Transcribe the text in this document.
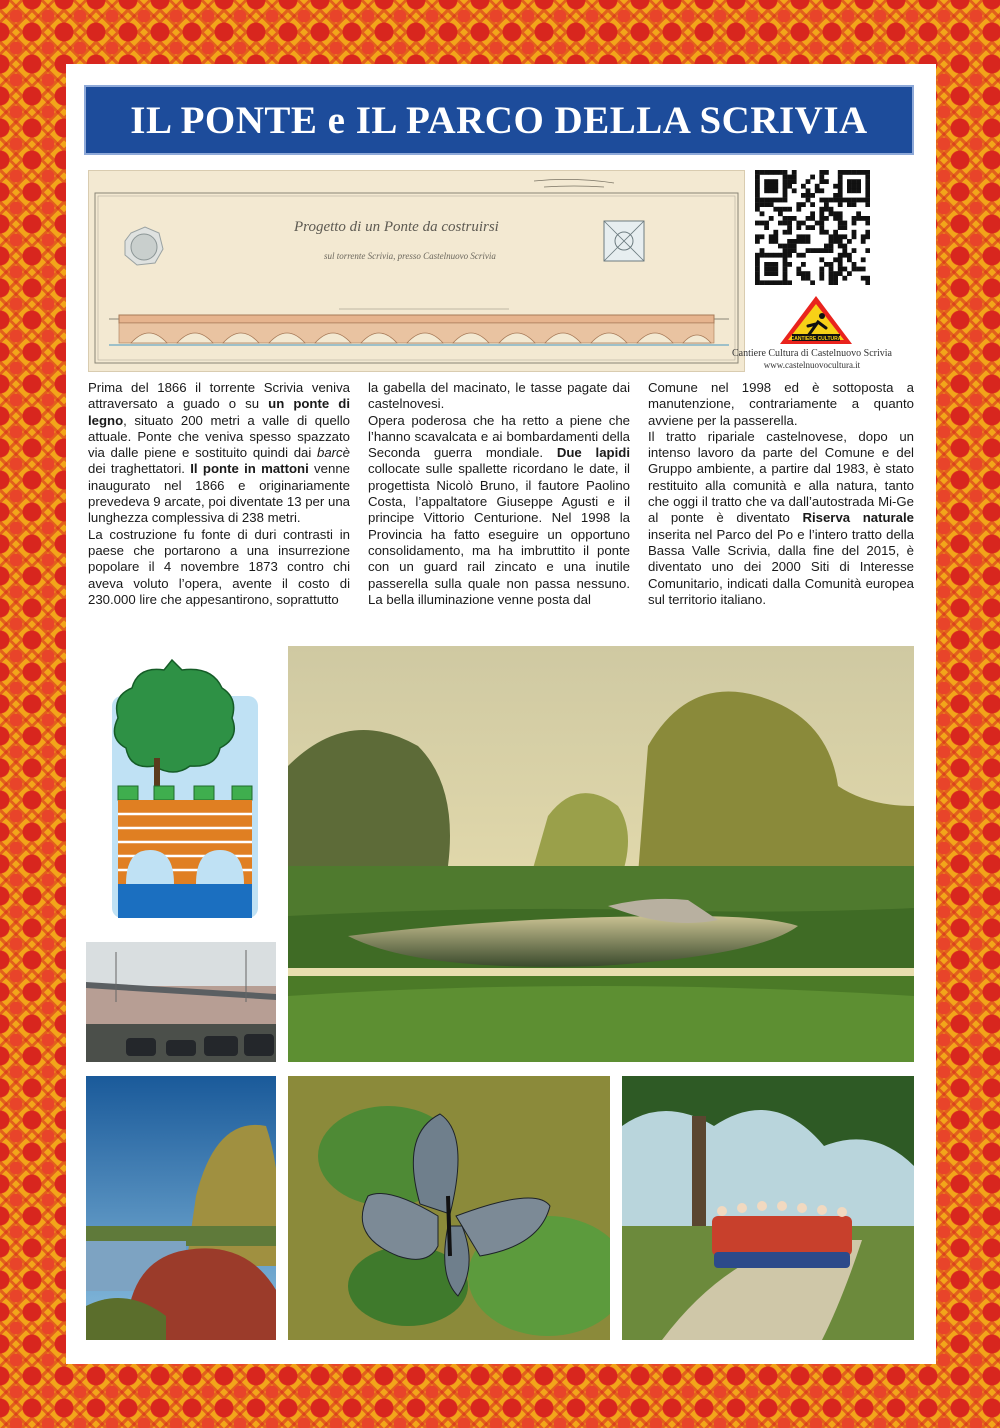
IL PONTE e IL PARCO DELLA SCRIVIA
Progetto di un Ponte da costruirsi
sul torrente Scrivia, presso Castelnuovo Scrivia
CANTIERE CULTURA
Cantiere Cultura di Castelnuovo Scrivia
www.castelnuovocultura.it

Prima del 1866 il torrente Scrivia veniva attraversato a guado o su un ponte di legno, situato 200 metri a valle di quello attuale. Ponte che veniva spesso spazzato via dalle piene e sostituito quindi dai barcè dei traghettatori. Il ponte in mattoni venne inaugurato nel 1866 e originariamente prevedeva 9 arcate, poi diventate 13 per una lunghezza complessiva di 238 metri.

La costruzione fu fonte di duri contrasti in paese che portarono a una insurrezione popolare il 4 novembre 1873 contro chi aveva voluto l’opera, avente il costo di 230.000 lire che appesantirono, soprattutto

la gabella del macinato, le tasse pagate dai castelnovesi.

Opera poderosa che ha retto a piene che l’hanno scavalcata e ai bombardamenti della Seconda guerra mondiale. Due lapidi collocate sulle spallette ricordano le date, il progettista Nicolò Bruno, il fautore Paolino Costa, l’appaltatore Giuseppe Agusti e il principe Vittorio Centurione. Nel 1998 la Provincia ha fatto eseguire un opportuno consolidamento, ma ha imbruttito il ponte con un guard rail zincato e una inutile passerella sulla quale non passa nessuno. La bella illuminazione venne posta dal

Comune nel 1998 ed è sottoposta a manutenzione, contrariamente a quanto avviene per la passerella.

Il tratto ripariale castelnovese, dopo un intenso lavoro da parte del Comune e del Gruppo ambiente, a partire dal 1983, è stato restituito alla comunità e alla natura, tanto che oggi il tratto che va dall’autostrada Mi-Ge al ponte è diventato Riserva naturale inserita nel Parco del Po e l’intero tratto della Bassa Valle Scrivia, dalla fine del 2015, è diventato uno dei 2000 Siti di Interesse Comunitario, indicati dalla Comunità europea sul territorio italiano.
